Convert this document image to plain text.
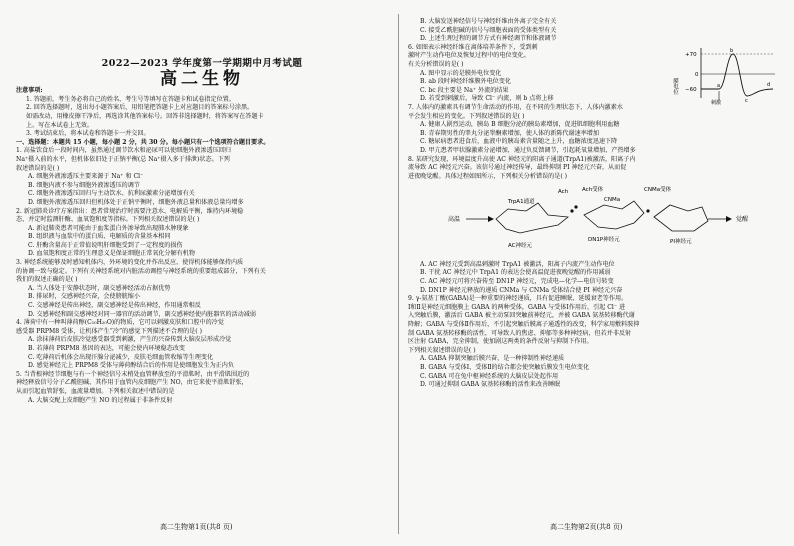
2022—2023 学年度第一学期期中月考试题
高二生物

注意事项:

1. 答题前，考生务必将自己的姓名、考生号等填写在答题卡和试卷指定位置。

2. 回答选择题时，选出每小题答案后，用铅笔把答题卡上对应题目的答案标号涂黑。

如需改动，用橡皮擦干净后，再选涂其他答案标号。回答非选择题时，将答案写在答题卡

上。写在本试卷上无效。

3. 考试结束后，将本试卷和答题卡一并交回。

一、选择题：本题共 15 小题，每小题 2 分，共 30 分。每小题只有一个选项符合题目要求。

1. 高盐饮食后一段时间内，虽然通过调节饮水和泌尿可以使细胞外液渗透压回归

Na⁺摄入前的水平，但机体依旧处于正钠平衡(总 Na⁺摄入多于排泄)状态。下列

叙述错误的是( )

A. 细胞外液渗透压主要来源于 Na⁺ 和 Cl⁻

B. 细胞内液不参与细胞外液渗透压的调节

C. 细胞外液渗透压回归与主动饮水、抗利尿激素分泌增加有关

D. 细胞外液渗透压回归但机体处于正钠平衡时，细胞外液总量和体液总量均增多

2. 新冠肺炎诊疗方案指出：患者常规治疗时需要注意水、电解质平衡，维持内环境稳

态，并定时监测肝酶、血氧饱和度等指标。下列相关叙述错误的是( )

A. 新冠肺炎患者可能由于血浆蛋白外渗导致出现肺水肿现象

B. 组织液与血浆中的蛋白质、电解质的含量基本相同

C. 肝酶含量高于正常值说明肝细胞受到了一定程度的损伤

D. 血氧饱和度正常的生理意义是保证细胞正常氧化分解有机物

3. 神经系统能够及时感知机体内、外环境的变化并作出反应，使得机体能够保持内质

的协调一致与稳定。下列有关神经系统对内脏活动调控与神经系统的重要组成部分，下列有关

我们的叙述正确的是( )

A. 当人体处于安静状态时，副交感神经活动占据优势

B. 排尿时，交感神经兴奋，会使膀胱缩小

C. 交感神经是传出神经，副交感神经是传出神经，作用通常相反

D. 交感神经和副交感神经对同一器官的活动调节，副交感神经使内脏器官的活动减弱

4. 薄荷中有一种叫薄荷醇(C₁₀H₂₀O)的物质，它可以刺激皮肤和口腔中的冷觉

感受器 PRPM8 受体，让机体产生“冷”的感觉下列描述不合理的是( )

A. 涂抹薄荷后皮肤冷觉感受器受到刺激，产生的兴奋传到大脑皮层形成冷觉

B. 若薄荷 PRPM8 基因的表达，可能会使内环境稳态改变

C. 吃薄荷后机体会出现汗腺分泌减少，皮肤毛细血管收缩等生理变化

D. 感觉神经元上 PRPM8 受体与薄荷醇结合后的作用是使细胞发生为正内负

5. 当背根神经节细胞与有一个神经信号末梢处血管释放至的平滑肌时，由平滑肌围近的

神经释放信号分子乙酰胆碱，其作用于血管内皮细胞产生 NO，由它来使平滑肌舒张，

从而引起血管舒张，血流量增加。下列相关叙述中错误的是

A. 大脑交配上皮细胞产生 NO 的过程属于非条件反射

B. 大脑发送神经信号与神经纤维由外离子完全有关

C. 接受乙酰胆碱的信号与细胞表面的受体类型有关

D. 上述生理过程的调节方式有神经调节和体液调节

6. 如图表示神经纤维在离体培养条件下，受到刺

激时产生动作电位及恢复过程中的电位变化。

有关分析错误的是( )

A. 图中显示的是膜外电位变化

B. ab 段时神经纤维膜外电位变化

C. bc 段主要是 Na⁺ 外流的结果

D. 若受到刺激后，导致 Cl⁻ 内流，则 b 点将上移

膜电位
+70
0
−60
a
b
c
d
刺激

7. 人体内的激素具有调节生命活动的作用，在不同的生理状态下，人体内激素水

平会发生相应的变化。下列叙述错误的是( )

A. 健康人剧烈运动，胰岛 B 细胞分泌的胰岛素增加，促进肌细胞利用血糖

B. 青春期男性的睾丸分泌睾酮素增加，使人体的新陈代谢速率增加

C. 糖尿病患者进食后，血液中的胰岛素含量随之上升，血糖浓度迅速下降

D. 甲亢患者甲状腺激素分泌增加，通过负反馈调节，引起耗氧量增加，产热增多

8. 某研究发现，环境温度升高使 AC 神经元的阳离子通道(TrpA1)被激活，阳离子内

流导致 AC 神经元兴奋。该信号通过神经传导，最终抑制 PI 神经元兴奋，从而促

进夜晚觉醒。具体过程如图所示，下列相关分析错误的是( )

高温
TrpA1通道
AC神经元
Ach	Ach受体
CNMa
DN1P神经元
CNMa受体
PI神经元
觉醒

A. AC 神经元受到高温刺激时 TrpA1 被激活，阳离子内流产生动作电位

B. 干扰 AC 神经元中 TrpA1 的表达会使高温促进夜晚觉醒的作用减弱

C. AC 神经元可将兴奋传至 DN1P 神经元，完成电—化学—电信号转变

D. DN1P 神经元释放的递质 CNMa 与 CNMa 受体结合使 PI 神经元兴奋

9. γ-氨基丁酸(GABA)是一种重要的神经递质，具有促进睡眠、延缓衰老等作用。

Ⅰ和Ⅱ是神经元细胞膜上 GABA 的两种受体，GABA 与受体Ⅰ作用后，引起 Cl⁻ 进

入突触后膜，激活后 GABA 被主动泵回突触前神经元，并被 GABA 氨基转移酶代谢

降解；GABA 与受体Ⅱ作用后，不引起突触后膜离子通透性的改变，科学家用敷料胺抑

制 GABA 氨基转移酶的活性，可导致人的焦虑、抑郁等多种神经病，但若并非反射

区注射 GABA，完全抑制，使加剧这两类的条件反射与抑制下作用。

下列相关叙述错误的是( )

A. GABA 抑制突触后膜兴奋，是一种抑制性神经递质

B. GABA 与受体Ⅰ、受体Ⅱ的结合都会使突触后膜发生电位变化

C. GABA 可在兔中枢神经系统的大脑皮层处起作用

D. 可通过抑制 GABA 氨基转移酶的活性来改善睡眠

高二生物第1页(共8 页)	高二生物第2页(共8 页)
